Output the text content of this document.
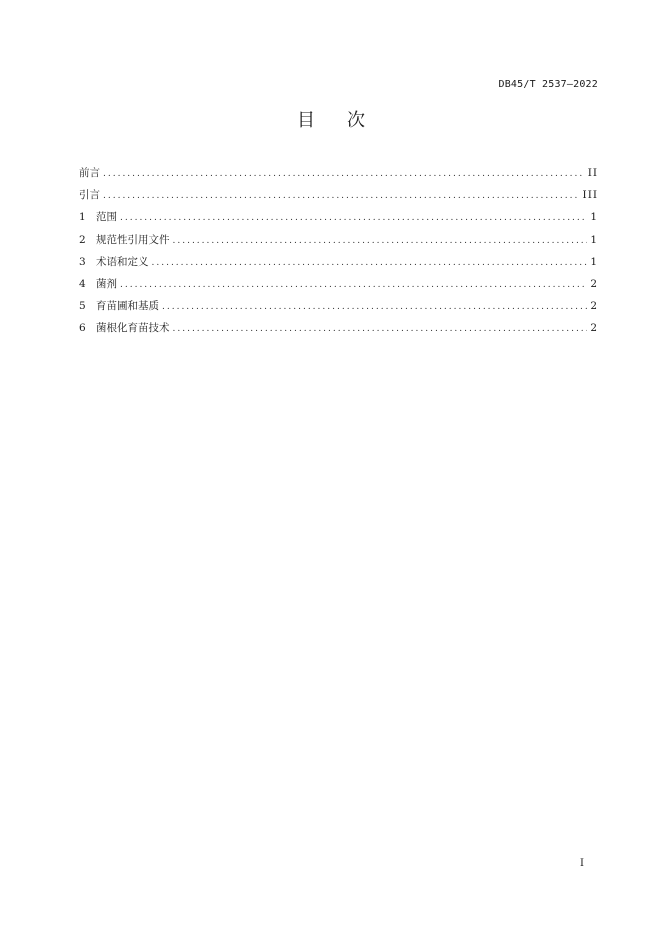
DB45/T 2537—2022
目次
前言 .....	II
引言 .....	III
1 范围 .....	1
2 规范性引用文件 .....	1
3 术语和定义 .....	1
4 菌剂 .....	2
5 育苗圃和基质 .....	2
6 菌根化育苗技术 .....	2
I
